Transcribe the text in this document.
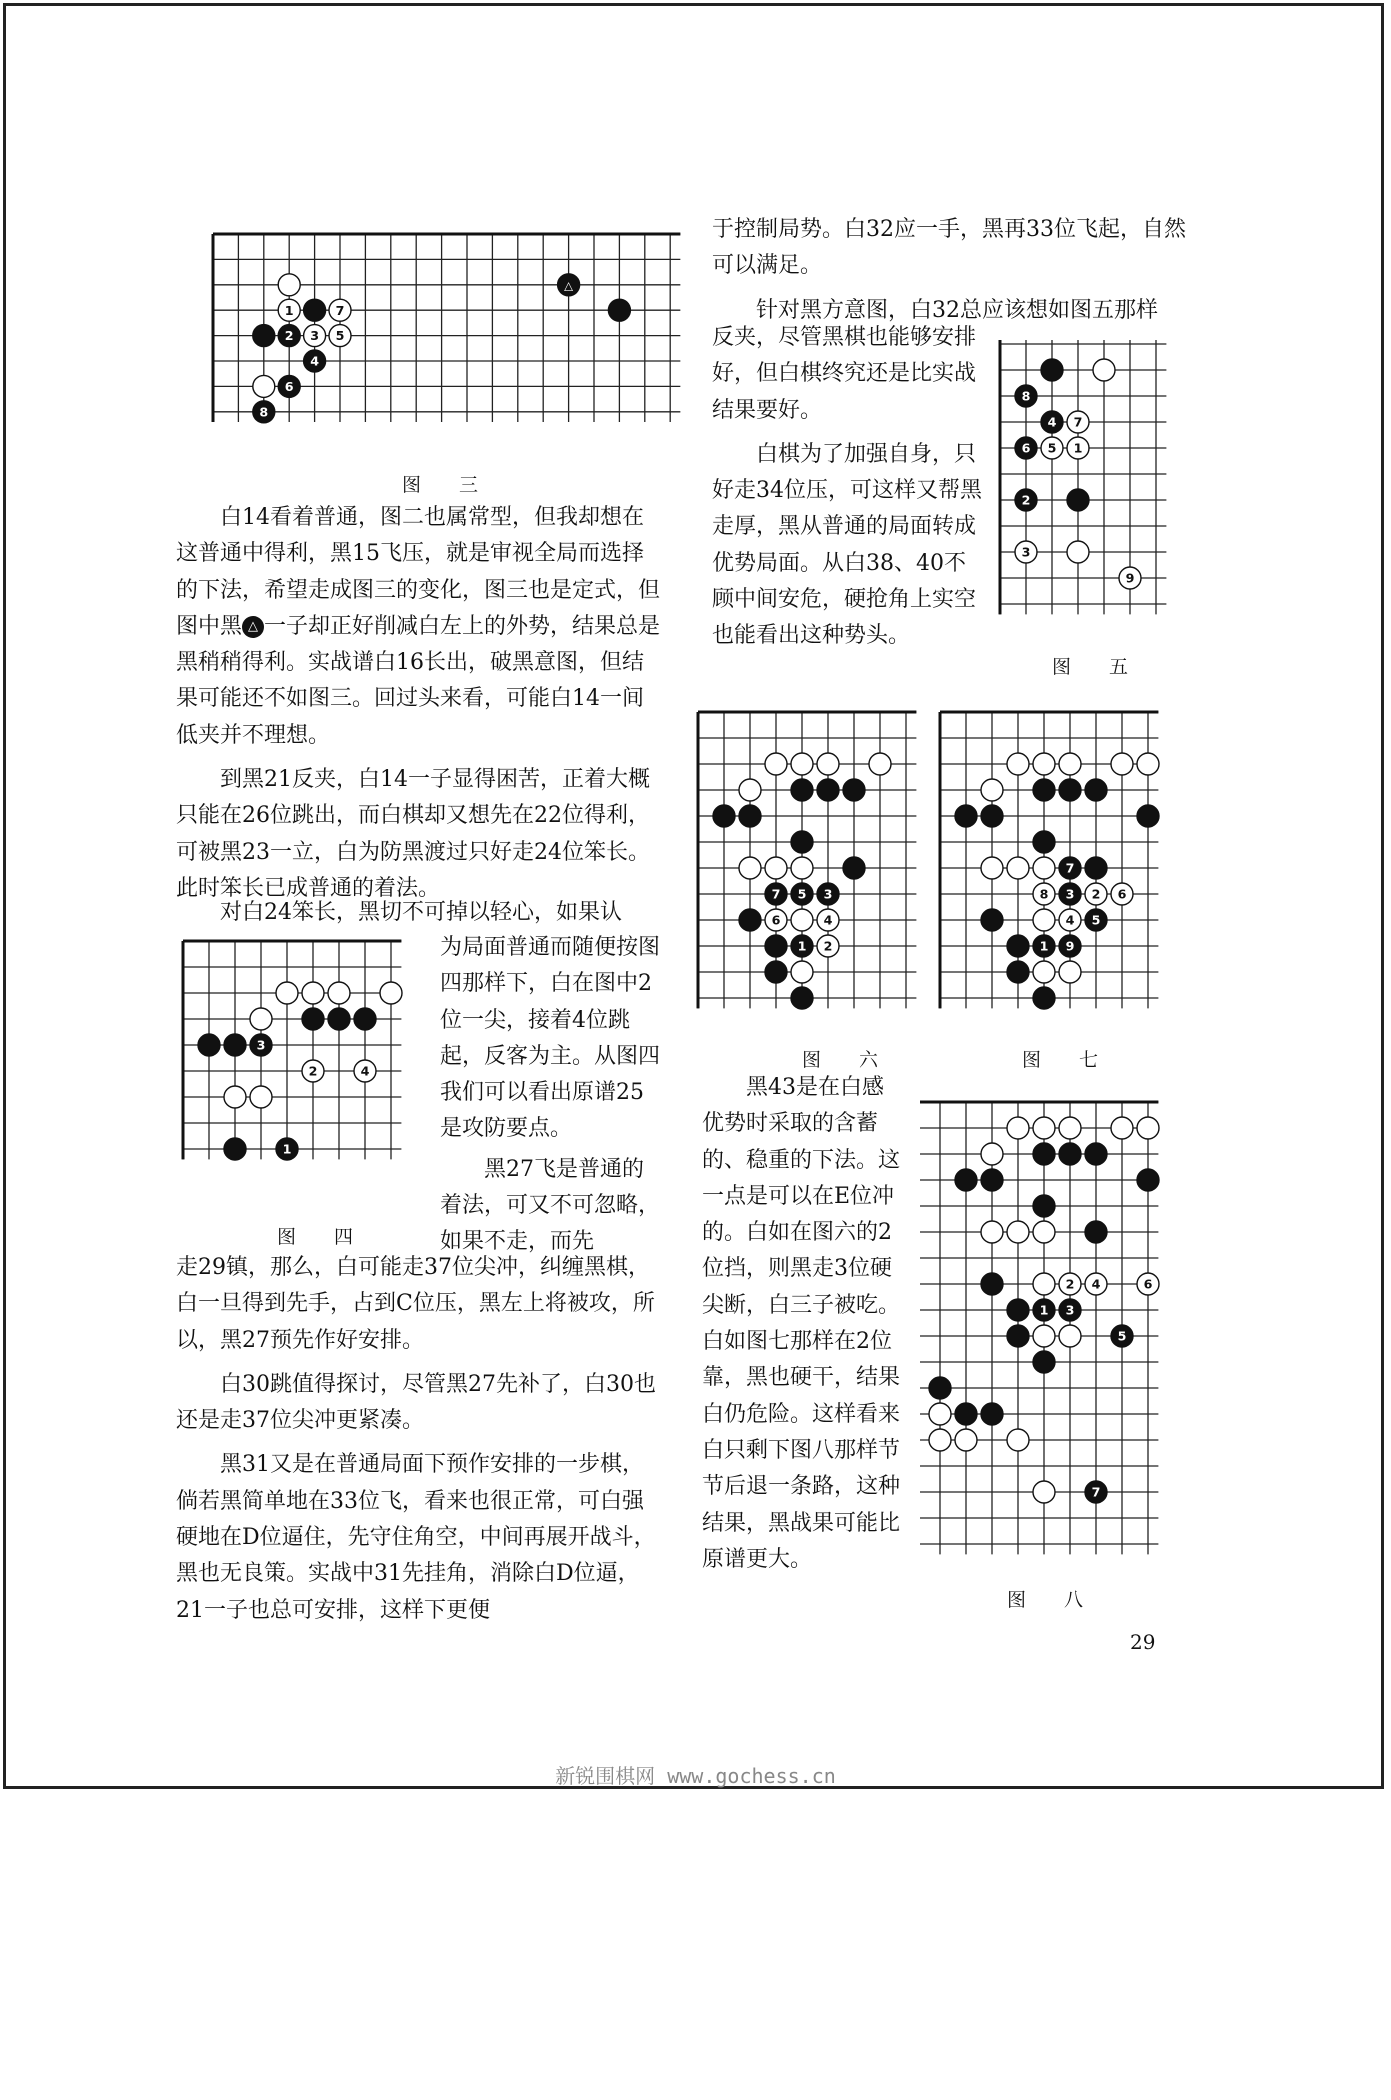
1	7
2 3 5
4
6
8
△
图　　三

白14看着普通，图二也属常型，但我却想在这普通中得利，黑15飞压，就是审视全局而选择的下法，希望走成图三的变化，图三也是定式，但图中黑 △ 一子却正好削减白左上的外势，结果总是黑稍稍得利。实战谱白16长出，破黑意图，但结果可能还不如图三。回过头来看，可能白14一间低夹并不理想。

到黑21反夹，白14一子显得困苦，正着大概只能在26位跳出，而白棋却又想先在22位得利，可被黑23一立，白为防黑渡过只好走24位笨长。此时笨长已成普通的着法。

对白24笨长，黑切不可掉以轻心，如果认

3
2	4
1
图　　四

为局面普通而随便按图四那样下，白在图中2位一尖，接着4位跳起，反客为主。从图四我们可以看出原谱25是攻防要点。

黑27飞是普通的着法，可又不可忽略，如果不走，而先

走29镇，那么，白可能走37位尖冲，纠缠黑棋，白一旦得到先手，占到C位压，黑左上将被攻，所以，黑27预先作好安排。

白30跳值得探讨，尽管黑27先补了，白30也还是走37位尖冲更紧凑。

黑31又是在普通局面下预作安排的一步棋，倘若黑简单地在33位飞，看来也很正常，可白强硬地在D位逼住，先守住角空，中间再展开战斗，黑也无良策。实战中31先挂角，消除白D位逼，21一子也总可安排，这样下更便

于控制局势。白32应一手，黑再33位飞起，自然可以满足。

针对黑方意图，白32总应该想如图五那样

8
4 7
6 5 1
2
3
9
图　　五

反夹，尽管黑棋也能够安排好，但白棋终究还是比实战结果要好。

白棋为了加强自身，只好走34位压，可这样又帮黑走厚，黑从普通的局面转成优势局面。从白38、40不顾中间安危，硬抢角上实空也能看出这种势头。

7 5 3
6	4
1 2
图　　六
7
8 3 2 6
4 5
1 9
图　　七

黑43是在白感优势时采取的含蓄的、稳重的下法。这一点是可以在E位冲的。白如在图六的2位挡，则黑走3位硬尖断，白三子被吃。白如图七那样在2位靠，黑也硬干，结果白仍危险。这样看来白只剩下图八那样节节后退一条路，这种结果，黑战果可能比原谱更大。

2 4	6
1 3
5
7
图　　八
29
新锐围棋网 www.gochess.cn
